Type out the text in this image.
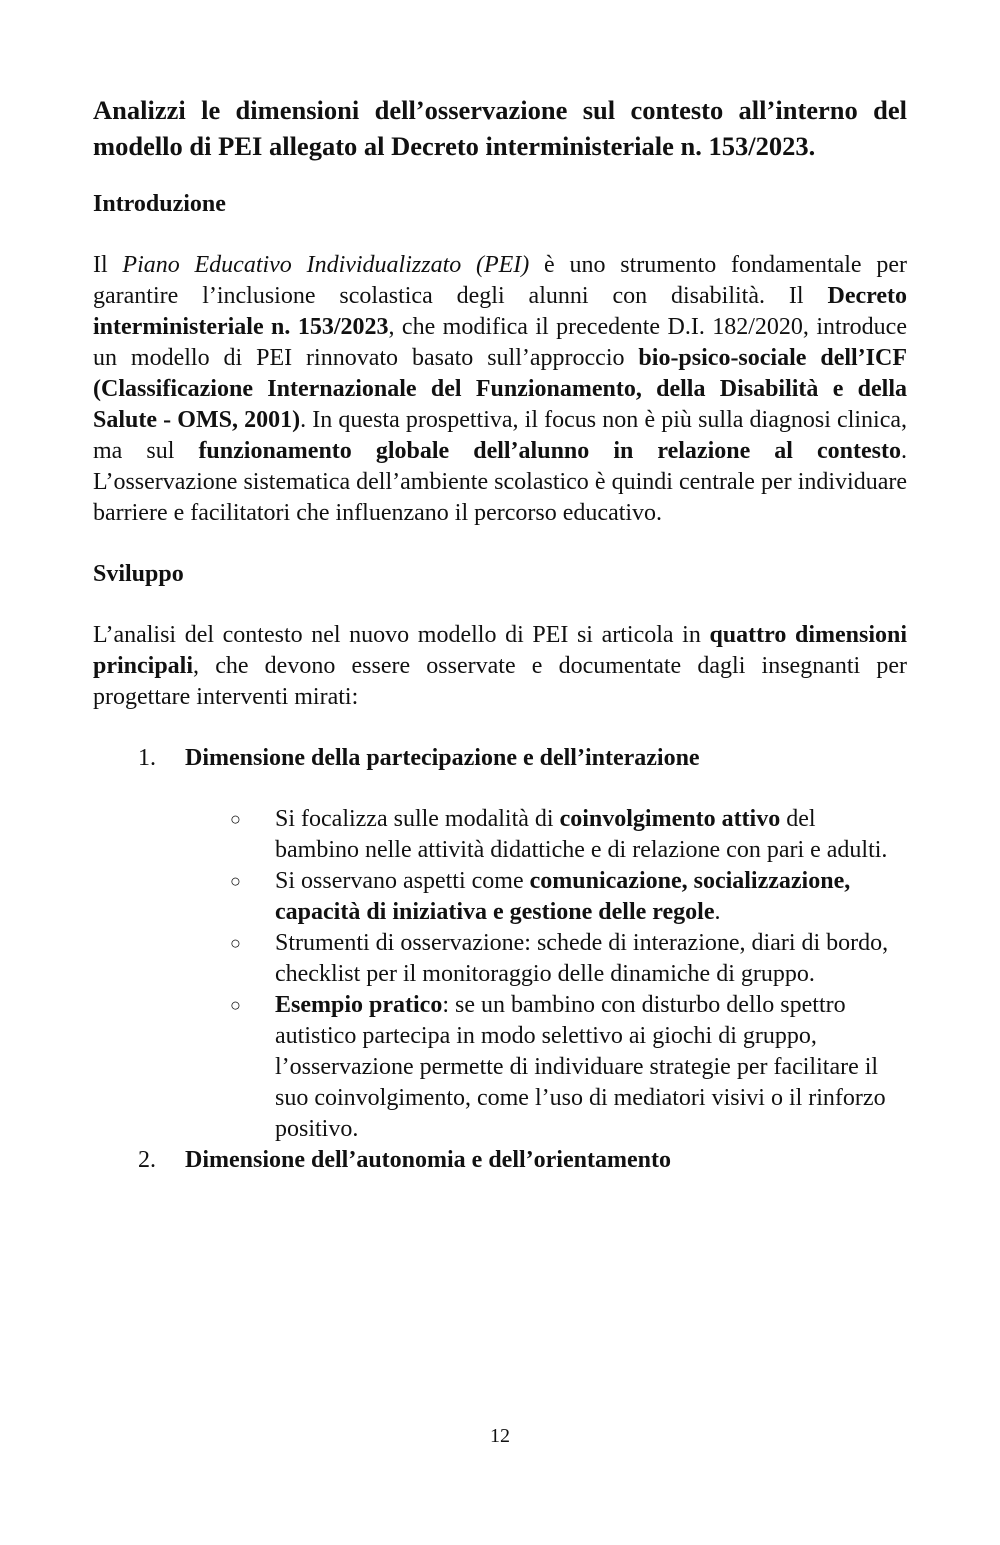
Analizzi le dimensioni dell’osservazione sul contesto all’interno del modello di PEI allegato al Decreto interministeriale n. 153/2023.
Introduzione

Il Piano Educativo Individualizzato (PEI) è uno strumento fondamentale per garantire l’inclusione scolastica degli alunni con disabilità. Il Decreto interministeriale n. 153/2023, che modifica il precedente D.I. 182/2020, introduce un modello di PEI rinnovato basato sull’approccio bio-psico-sociale dell’ICF (Classificazione Internazionale del Funzionamento, della Disabilità e della Salute - OMS, 2001). In questa prospettiva, il focus non è più sulla diagnosi clinica, ma sul funzionamento globale dell’alunno in relazione al contesto. L’osservazione sistematica dell’ambiente scolastico è quindi centrale per individuare barriere e facilitatori che influenzano il percorso educativo.

Sviluppo

L’analisi del contesto nel nuovo modello di PEI si articola in quattro dimensioni principali, che devono essere osservate e documentate dagli insegnanti per progettare interventi mirati:

1.	Dimensione della partecipazione e dell’interazione
○ Si focalizza sulle modalità di coinvolgimento attivo del bambino nelle attività didattiche e di relazione con pari e adulti.
○ Si osservano aspetti come comunicazione, socializzazione, capacità di iniziativa e gestione delle regole.
○ Strumenti di osservazione: schede di interazione, diari di bordo, checklist per il monitoraggio delle dinamiche di gruppo.
○ Esempio pratico: se un bambino con disturbo dello spettro autistico partecipa in modo selettivo ai giochi di gruppo, l’osservazione permette di individuare strategie per facilitare il suo coinvolgimento, come l’uso di mediatori visivi o il rinforzo positivo.
2.	Dimensione dell’autonomia e dell’orientamento
12
